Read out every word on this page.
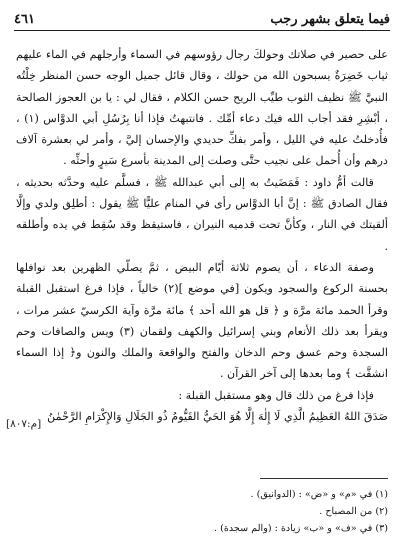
فيما يتعلق بشهر رجب
٤٦١

على حصير في صلاتك وحولكَ رجال رؤوسهم في السماء وأرجلهم في الماء عليهم ثياب خَضِرَةٌ يسبحون الله من حولك ، وقال قائل جميل الوجه حسن المنظر خِلْتُه النبيَّ ﷺ نظيف الثوب طيِّب الريح حسن الكلام ، فقال لي : يا بن العجوز الصالحة ، أبْشِرِ فقد أجاب الله فيك دعاء أمِّك . فانتبهتُ فإذا أنا بِرُسُلِ أبي الدوَّاس (١) ، فأُدخلتُ عليه في الليل ، وأمر بفكِّ حديدي والإحسان إليَّ ، وأمر لي بعشرة آلاف درهم وأن أُحمل على نجيب حتَّى وصلت إلى المدينة بأسرع سَيرٍ وأحثِّه .

قالت أمُّ داود : فَمَضَيتُ به إلى أبي عبدالله ﷺ ، فسلَّم عليه وحدَّثه بحديثه ، فقال الصادق ﷺ : إنَّ أبا الدوَّاس رأى في المنام عليًّا ﷺ يقول : أطلِق ولدي وإلَّا ألقيتك في النار ، وكأنَّ تحت قدميه النيران ، فاستيقظ وقد سُقِط في يده وأطلقه .

وصفة الدعاء ، أن يصوم ثلاثة أيّام البيض ، ثمَّ يصلّي الظهرين بعد نوافلها بحسنة الركوع والسجود ويكون [في موضع ](٢) خالياً ، فإذا فرغ استقبل القبلة وقرأ الحمد مائة مرَّة و ﴿ قل هو الله أحد ﴾ مائة مرَّة وآية الكرسيّ عشر مرات ، ويقرأ بعد ذلك الأنعام وبني إسرائيل والكهف ولقمان (٣) ويس والصافات وحم السجدة وحم عسق وحم الدخان والفتح والواقعة والملك والنون و﴿ إذا السماء انشقَّت ﴾ وما بعدها إلى آخر القرآن .

فإذا فرغ من ذلك قال وهو مستقبل القبلة :

صَدَقَ اللهُ العَظِيمُ الَّذِي لَا إِلٰهَ إِلَّا هُوَ الحَيُّ القَيُّومُ ذُو الجَلَالِ وَالإِكْرَامِ الرَّحْمٰنُ

[م:٨٠٧]
(١) في «م» و «ض» : (الدوانيق) .
(٢) من المصباح .
(٣) في «ف» و «ب» زيادة : (والم سجدة) .
